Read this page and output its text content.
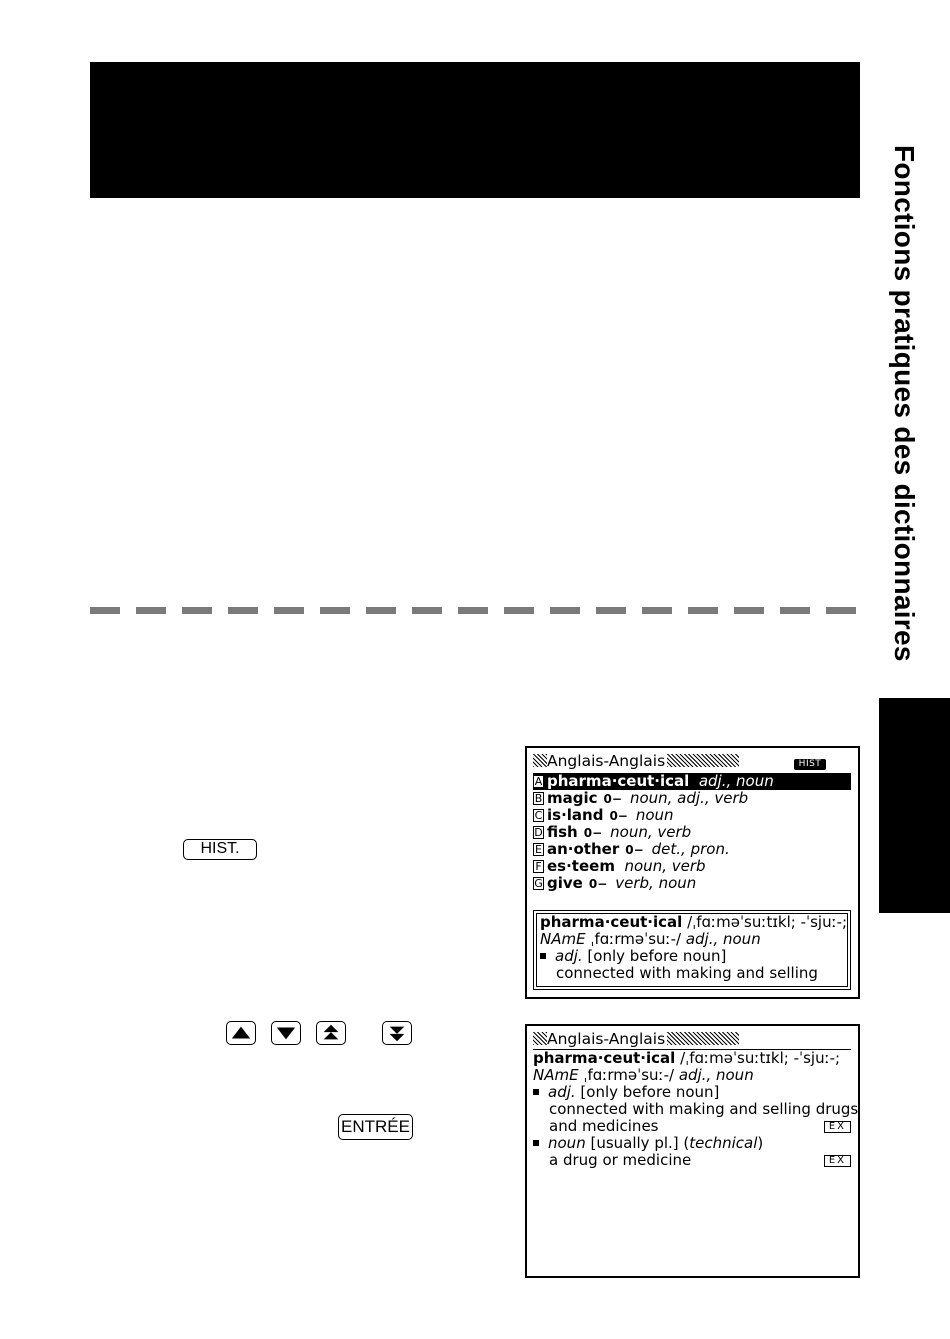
Fonctions pratiques des dictionnaires
HIST.
ENTRÉE
Anglais-Anglais	HIST
A pharma·ceut·ical adj., noun
B magic 0− noun, adj., verb
C is·land 0− noun
D fish 0− noun, verb
E an·other 0− det., pron.
F es·teem noun, verb
G give 0− verb, noun
pharma·ceut·ical /ˌfɑːməˈsuːtɪkl; -ˈsjuː-;
NAmE ˌfɑːrməˈsuː-/ adj., noun
adj. [only before noun]
connected with making and selling
Anglais-Anglais
pharma·ceut·ical /ˌfɑːməˈsuːtɪkl; -ˈsjuː-;
NAmE ˌfɑːrməˈsuː-/ adj., noun
adj. [only before noun]
connected with making and selling drugs
and medicines	EX
noun [usually pl.] (technical)
a drug or medicine	EX
